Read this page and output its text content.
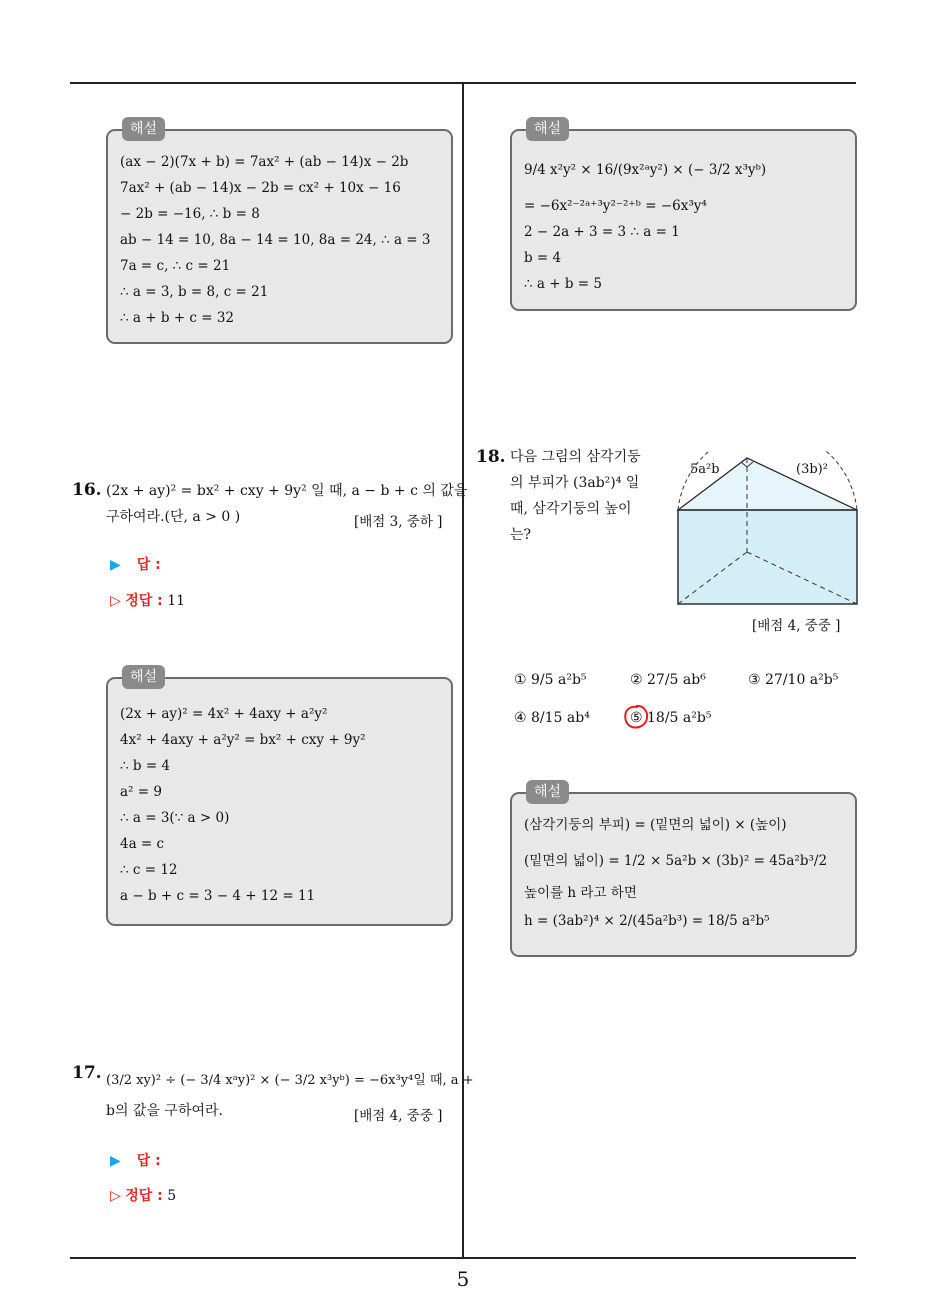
해설
(ax − 2)(7x + b) = 7ax² + (ab − 14)x − 2b
7ax² + (ab − 14)x − 2b = cx² + 10x − 16
− 2b = −16, ∴ b = 8
ab − 14 = 10, 8a − 14 = 10, 8a = 24, ∴ a = 3
7a = c, ∴ c = 21
∴ a = 3, b = 8, c = 21
∴ a + b + c = 32
해설
9/4 x²y² × 16/(9x²ᵃy²) × (− 3/2 x³yᵇ)
= −6x²⁻²ᵃ⁺³y²⁻²⁺ᵇ = −6x³y⁴
2 − 2a + 3 = 3 ∴ a = 1
b = 4
∴ a + b = 5
16. (2x + ay)² = bx² + cxy + 9y² 일 때, a − b + c 의 값을
구하여라.(단, a > 0 )	[배점 3, 중하 ]
▶ 답 :
▷ 정답 : 11
해설
(2x + ay)² = 4x² + 4axy + a²y²
4x² + 4axy + a²y² = bx² + cxy + 9y²
∴ b = 4
a² = 9
∴ a = 3(∵ a > 0)
4a = c
∴ c = 12
a − b + c = 3 − 4 + 12 = 11
17. (3/2 xy)² ÷ (− 3/4 xᵃy)² × (− 3/2 x³yᵇ) = −6x³y⁴일 때, a +
b의 값을 구하여라.	[배점 4, 중중 ]
▶ 답 :
▷ 정답 : 5
18. 다음 그림의 삼각기둥
의 부피가 (3ab²)⁴ 일
때, 삼각기둥의 높이
는?
5a²b	(3b)²
[배점 4, 중중 ]
① 9/5 a²b⁵	② 27/5 ab⁶	③ 27/10 a²b⁵
④ 8/15 ab⁴	⑤ 18/5 a²b⁵
해설
(삼각기둥의 부피) = (밑면의 넓이) × (높이)
(밑면의 넓이) = 1/2 × 5a²b × (3b)² = 45a²b³/2
높이를 h 라고 하면
h = (3ab²)⁴ × 2/(45a²b³) = 18/5 a²b⁵
5
